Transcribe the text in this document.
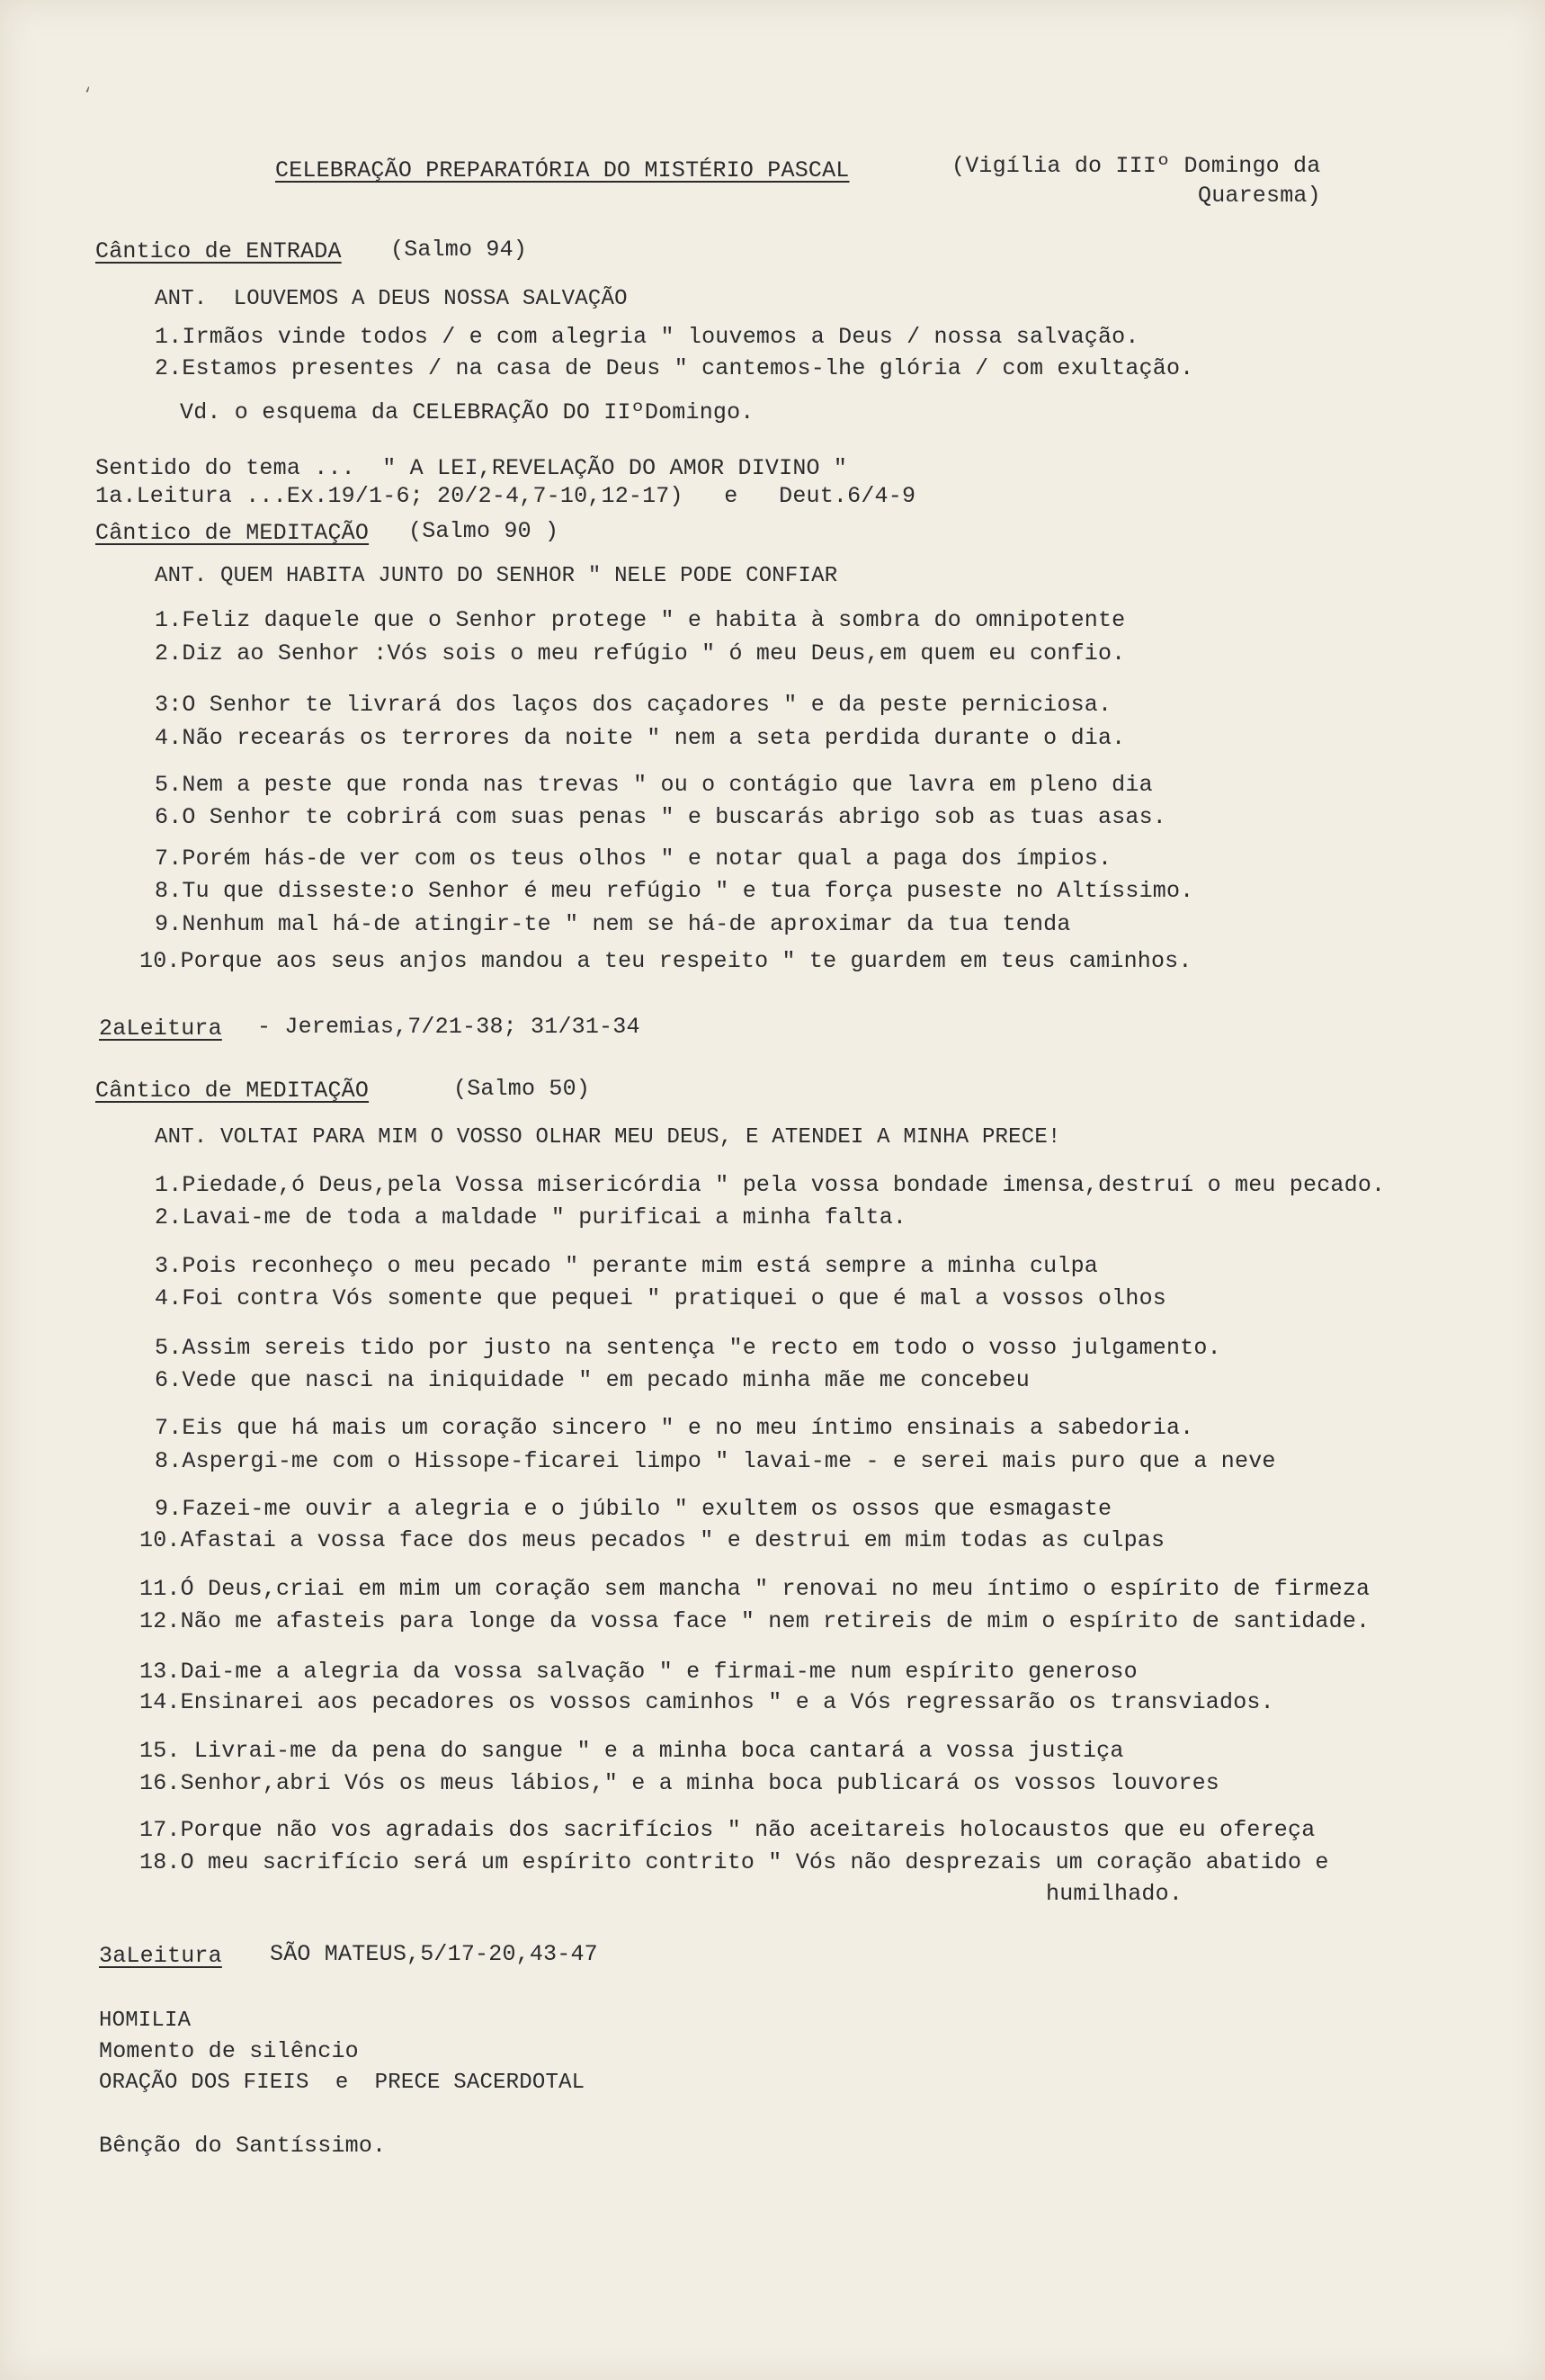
‘
CELEBRAÇÃO PREPARATÓRIA DO MISTÉRIO PASCAL	(Vigília do IIIº Domingo da
Quaresma)
Cântico de ENTRADA (Salmo 94)
ANT.  LOUVEMOS A DEUS NOSSA SALVAÇÃO
1.Irmãos vinde todos / e com alegria " louvemos a Deus / nossa salvação.
2.Estamos presentes / na casa de Deus " cantemos-lhe glória / com exultação.
Vd. o esquema da CELEBRAÇÃO DO IIºDomingo.
Sentido do tema ...  " A LEI,REVELAÇÃO DO AMOR DIVINO "
1a.Leitura ...Ex.19/1-6; 20/2-4,7-10,12-17)   e   Deut.6/4-9
Cântico de MEDITAÇÃO (Salmo 90 )
ANT. QUEM HABITA JUNTO DO SENHOR " NELE PODE CONFIAR
1.Feliz daquele que o Senhor protege " e habita à sombra do omnipotente
2.Diz ao Senhor :Vós sois o meu refúgio " ó meu Deus,em quem eu confio.
3:O Senhor te livrará dos laços dos caçadores " e da peste perniciosa.
4.Não recearás os terrores da noite " nem a seta perdida durante o dia.
5.Nem a peste que ronda nas trevas " ou o contágio que lavra em pleno dia
6.O Senhor te cobrirá com suas penas " e buscarás abrigo sob as tuas asas.
7.Porém hás-de ver com os teus olhos " e notar qual a paga dos ímpios.
8.Tu que disseste:o Senhor é meu refúgio " e tua força puseste no Altíssimo.
9.Nenhum mal há-de atingir-te " nem se há-de aproximar da tua tenda
10.Porque aos seus anjos mandou a teu respeito " te guardem em teus caminhos.
2aLeitura - Jeremias,7/21-38; 31/31-34
Cântico de MEDITAÇÃO	(Salmo 50)
ANT. VOLTAI PARA MIM O VOSSO OLHAR MEU DEUS, E ATENDEI A MINHA PRECE!
1.Piedade,ó Deus,pela Vossa misericórdia " pela vossa bondade imensa,destruí o meu pecado.
2.Lavai-me de toda a maldade " purificai a minha falta.
3.Pois reconheço o meu pecado " perante mim está sempre a minha culpa
4.Foi contra Vós somente que pequei " pratiquei o que é mal a vossos olhos
5.Assim sereis tido por justo na sentença "e recto em todo o vosso julgamento.
6.Vede que nasci na iniquidade " em pecado minha mãe me concebeu
7.Eis que há mais um coração sincero " e no meu íntimo ensinais a sabedoria.
8.Aspergi-me com o Hissope-ficarei limpo " lavai-me - e serei mais puro que a neve
9.Fazei-me ouvir a alegria e o júbilo " exultem os ossos que esmagaste
10.Afastai a vossa face dos meus pecados " e destrui em mim todas as culpas
11.Ó Deus,criai em mim um coração sem mancha " renovai no meu íntimo o espírito de firmeza
12.Não me afasteis para longe da vossa face " nem retireis de mim o espírito de santidade.
13.Dai-me a alegria da vossa salvação " e firmai-me num espírito generoso
14.Ensinarei aos pecadores os vossos caminhos " e a Vós regressarão os transviados.
15. Livrai-me da pena do sangue " e a minha boca cantará a vossa justiça
16.Senhor,abri Vós os meus lábios," e a minha boca publicará os vossos louvores
17.Porque não vos agradais dos sacrifícios " não aceitareis holocaustos que eu ofereça
18.O meu sacrifício será um espírito contrito " Vós não desprezais um coração abatido e
humilhado.
3aLeitura SÃO MATEUS,5/17-20,43-47
HOMILIA
Momento de silêncio
ORAÇÃO DOS FIEIS  e  PRECE SACERDOTAL
Bênção do Santíssimo.
